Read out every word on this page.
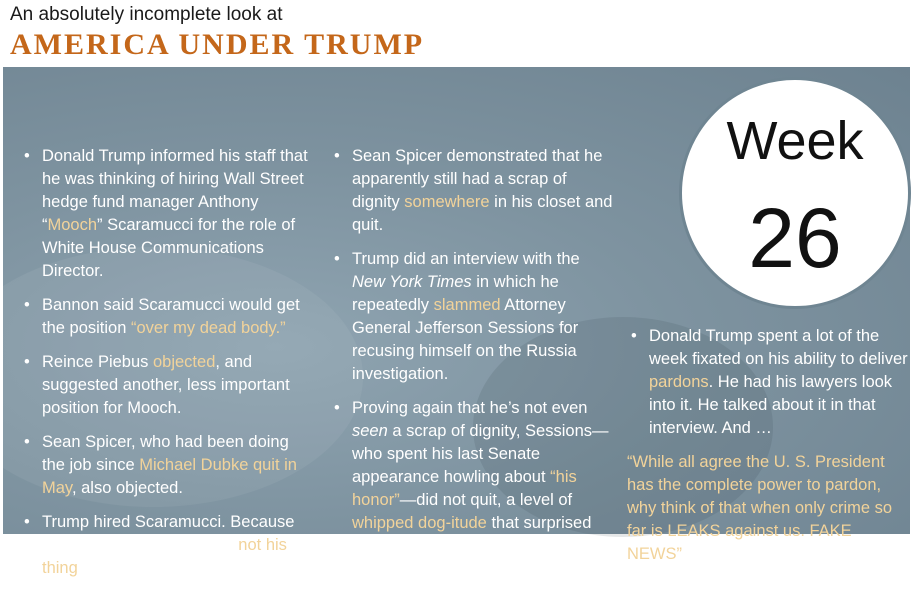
An absolutely incomplete look at
AMERICA UNDER TRUMP
• Donald Trump informed his staff that he was thinking of hiring Wall Street hedge fund manager Anthony “Mooch” Scaramucci for the role of White House Communications Director.
• Bannon said Scaramucci would get the position “over my dead body.”
• Reince Piebus objected, and suggested another, less important position for Mooch.
• Sean Spicer, who had been doing the job since Michael Dubke quit in May, also objected.
• Trump hired Scaramucci. Because listening to other people is not his thing. Especially his advisers.
• Sean Spicer demonstrated that he apparently still had a scrap of dignity somewhere in his closet and quit.
• Trump did an interview with the New York Times in which he repeatedly slammed Attorney General Jefferson Sessions for recusing himself on the Russia investigation.
• Proving again that he’s not even seen a scrap of dignity, Sessions—who spent his last Senate appearance howling about “his honor”—did not quit, a level of whipped dog-itude that surprised even other Trump staffers.
• Donald Trump spent a lot of the week fixated on his ability to deliver pardons. He had his lawyers look into it. He talked about it in that interview. And …
“While all agree the U. S. President has the complete power to pardon, why think of that when only crime so far is LEAKS against us. FAKE NEWS”
Week
26
